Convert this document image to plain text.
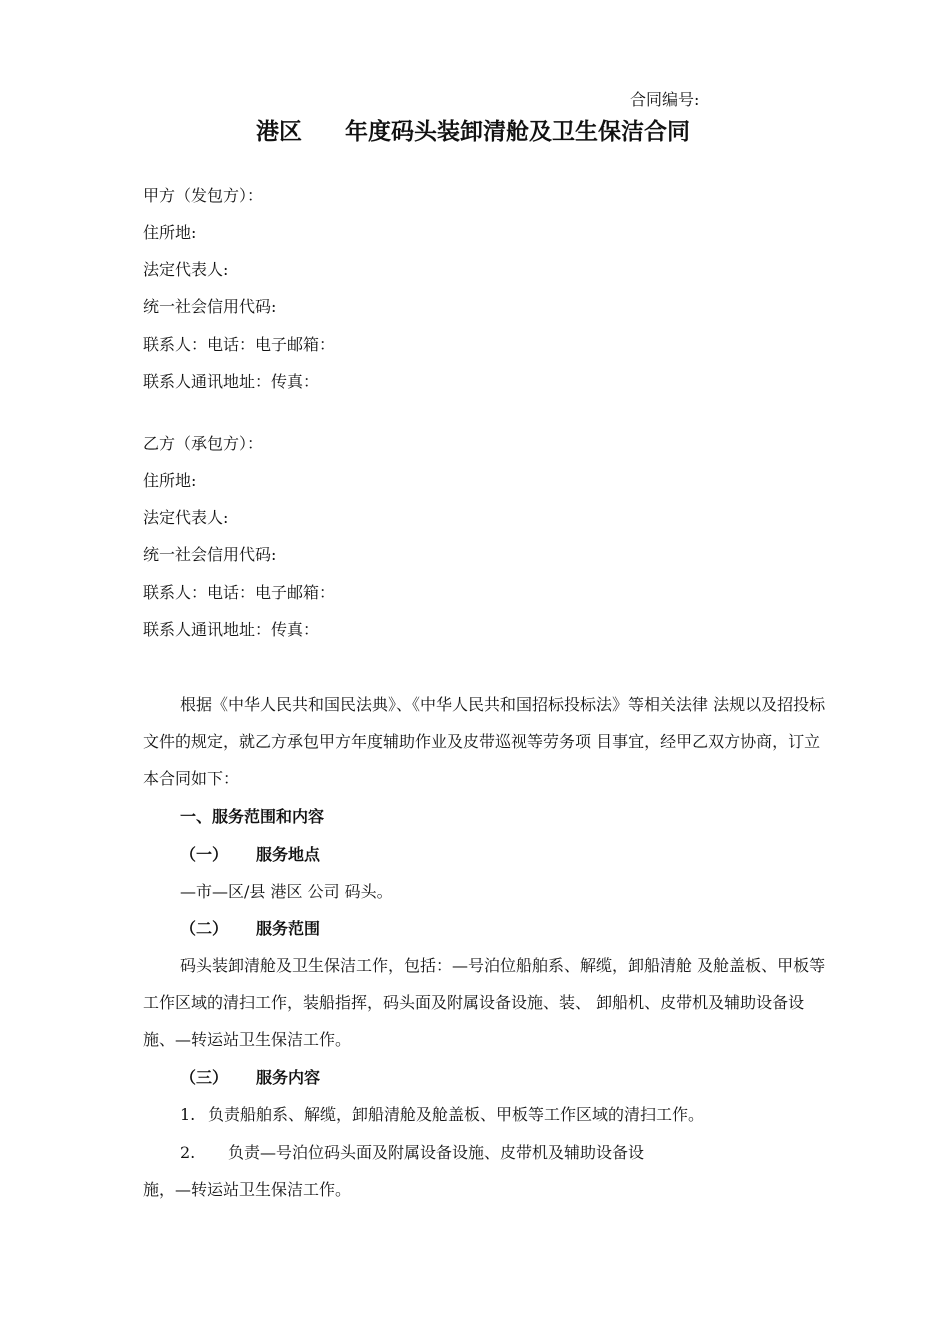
合同编号:
港区 年度码头装卸清舱及卫生保洁合同
甲方（发包方）：
住所地:
法定代表人:
统一社会信用代码:
联系人：电话：电子邮箱：
联系人通讯地址：传真：
乙方（承包方）：
住所地:
法定代表人:
统一社会信用代码:
联系人：电话：电子邮箱：
联系人通讯地址：传真：
根据《中华人民共和国民法典》、《中华人民共和国招标投标法》等相关法律 法规以及招投标文件的规定，就乙方承包甲方年度辅助作业及皮带巡视等劳务项 目事宜，经甲乙双方协商，订立本合同如下：
一、服务范围和内容
（一） 服务地点
—市—区/县 港区 公司 码头。
（二） 服务范围
码头装卸清舱及卫生保洁工作，包括：—号泊位船舶系、解缆，卸船清舱 及舱盖板、甲板等工作区域的清扫工作，装船指挥，码头面及附属设备设施、装、 卸船机、皮带机及辅助设备设施、—转运站卫生保洁工作。
（三） 服务内容
1. 负责船舶系、解缆，卸船清舱及舱盖板、甲板等工作区域的清扫工作。
2. 负责—号泊位码头面及附属设备设施、皮带机及辅助设备设
施，—转运站卫生保洁工作。
